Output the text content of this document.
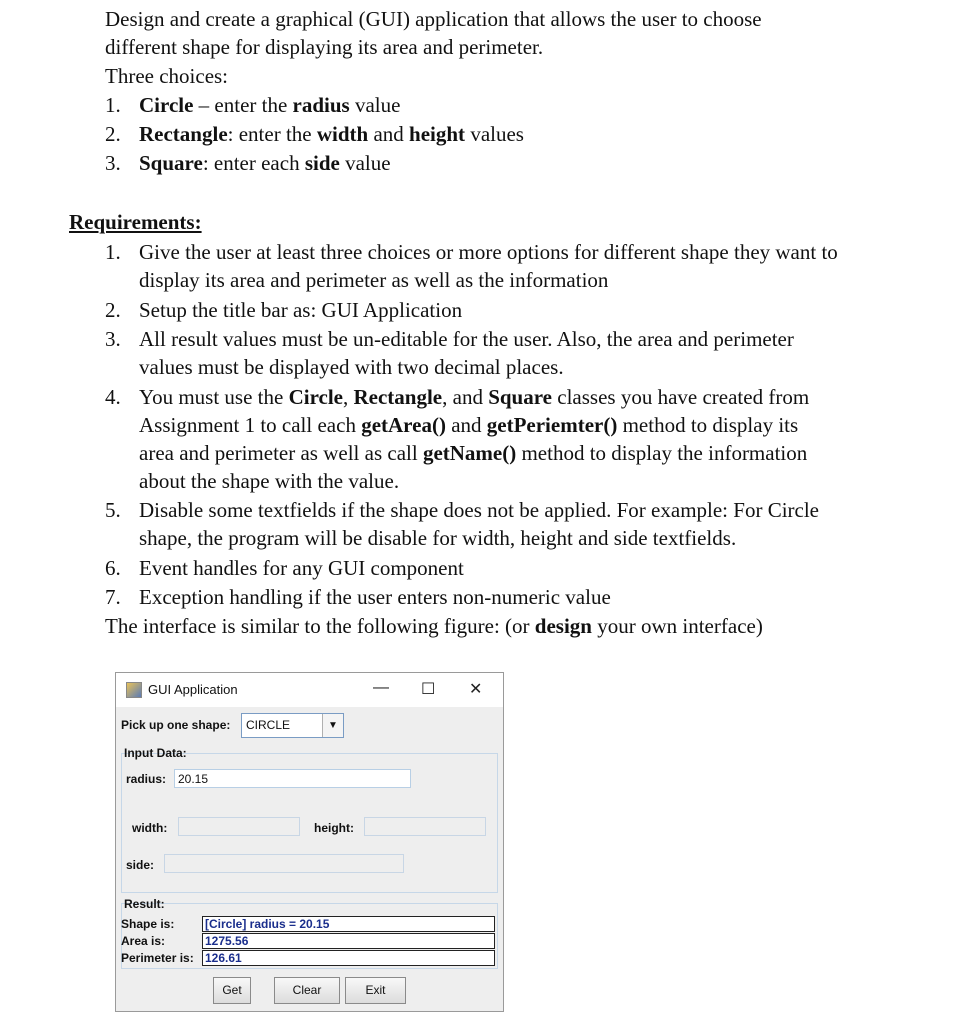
Design and create a graphical (GUI) application that allows the user to choose
different shape for displaying its area and perimeter.
Three choices:
1. Circle – enter the radius value
2. Rectangle: enter the width and height values
3. Square: enter each side value
Requirements:
1. Give the user at least three choices or more options for different shape they want to
display its area and perimeter as well as the information
2. Setup the title bar as: GUI Application
3. All result values must be un-editable for the user. Also, the area and perimeter
values must be displayed with two decimal places.
4. You must use the Circle, Rectangle, and Square classes you have created from
Assignment 1 to call each getArea() and getPeriemter() method to display its
area and perimeter as well as call getName() method to display the information
about the shape with the value.
5. Disable some textfields if the shape does not be applied. For example: For Circle
shape, the program will be disable for width, height and side textfields.
6. Event handles for any GUI component
7. Exception handling if the user enters non-numeric value
The interface is similar to the following figure: (or design your own interface)
GUI Application	— ☐ ✕
Pick up one shape: CIRCLE	▼
Input Data:
radius: 20.15
width:	height:
side:
Result:
Shape is:	[Circle] radius = 20.15
Area is:	1275.56
Perimeter is: 126.61
Get	Clear	Exit
